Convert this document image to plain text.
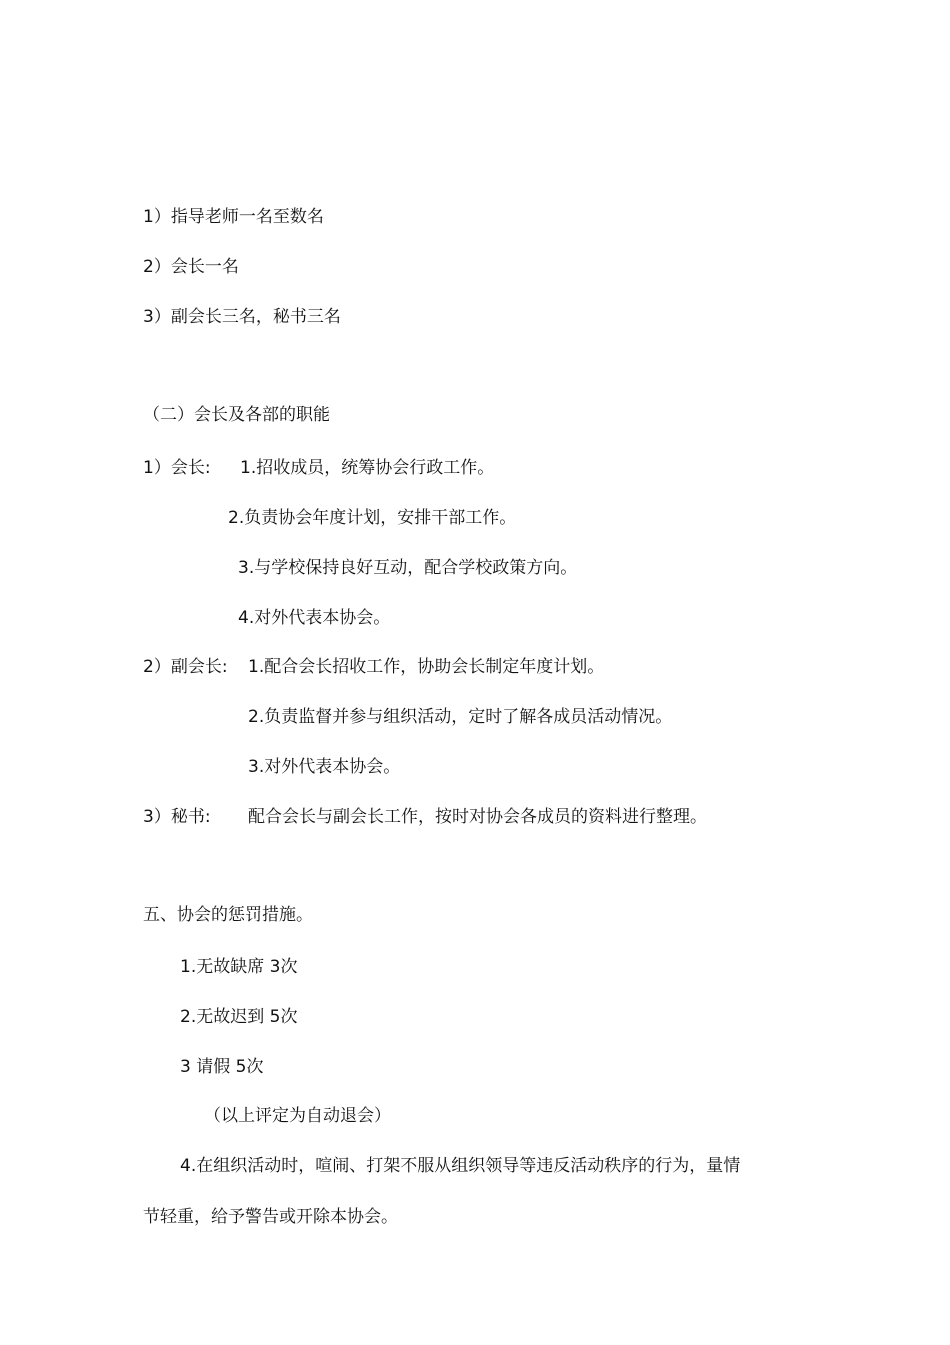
1）指导老师一名至数名
2）会长一名
3）副会长三名，秘书三名
（二）会长及各部的职能
1）会长: 1.招收成员，统筹协会行政工作。
2.负责协会年度计划，安排干部工作。
3.与学校保持良好互动，配合学校政策方向。
4.对外代表本协会。
2）副会长: 1.配合会长招收工作，协助会长制定年度计划。
2.负责监督并参与组织活动，定时了解各成员活动情况。
3.对外代表本协会。
3）秘书: 配合会长与副会长工作，按时对协会各成员的资料进行整理。
五、协会的惩罚措施。
1.无故缺席 3次
2.无故迟到 5次
3 请假 5次
（以上评定为自动退会）
4.在组织活动时，喧闹、打架不服从组织领导等违反活动秩序的行为，量情
节轻重，给予警告或开除本协会。
